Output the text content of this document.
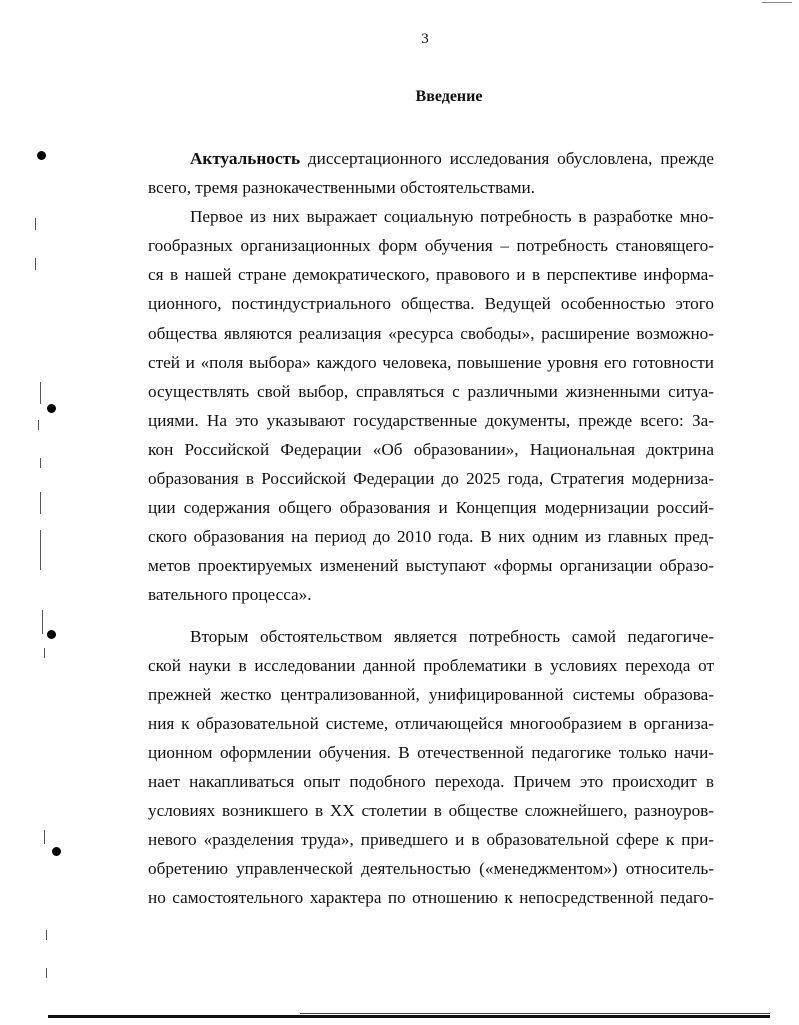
3
Введение
Актуальность диссертационного исследования обусловлена, прежде
всего, тремя разнокачественными обстоятельствами.
Первое из них выражает социальную потребность в разработке мно-
гообразных организационных форм обучения – потребность становящего-
ся в нашей стране демократического, правового и в перспективе информа-
ционного, постиндустриального общества. Ведущей особенностью этого
общества являются реализация «ресурса свободы», расширение возможно-
стей и «поля выбора» каждого человека, повышение уровня его готовности
осуществлять свой выбор, справляться с различными жизненными ситуа-
циями. На это указывают государственные документы, прежде всего: За-
кон Российской Федерации «Об образовании», Национальная доктрина
образования в Российской Федерации до 2025 года, Стратегия модерниза-
ции содержания общего образования и Концепция модернизации россий-
ского образования на период до 2010 года. В них одним из главных пред-
метов проектируемых изменений выступают «формы организации образо-
вательного процесса».
Вторым обстоятельством является потребность самой педагогиче-
ской науки в исследовании данной проблематики в условиях перехода от
прежней жестко централизованной, унифицированной системы образова-
ния к образовательной системе, отличающейся многообразием в организа-
ционном оформлении обучения. В отечественной педагогике только начи-
нает накапливаться опыт подобного перехода. Причем это происходит в
условиях возникшего в XX столетии в обществе сложнейшего, разноуров-
невого «разделения труда», приведшего и в образовательной сфере к при-
обретению управленческой деятельностью («менеджментом») относитель-
но самостоятельного характера по отношению к непосредственной педаго-
